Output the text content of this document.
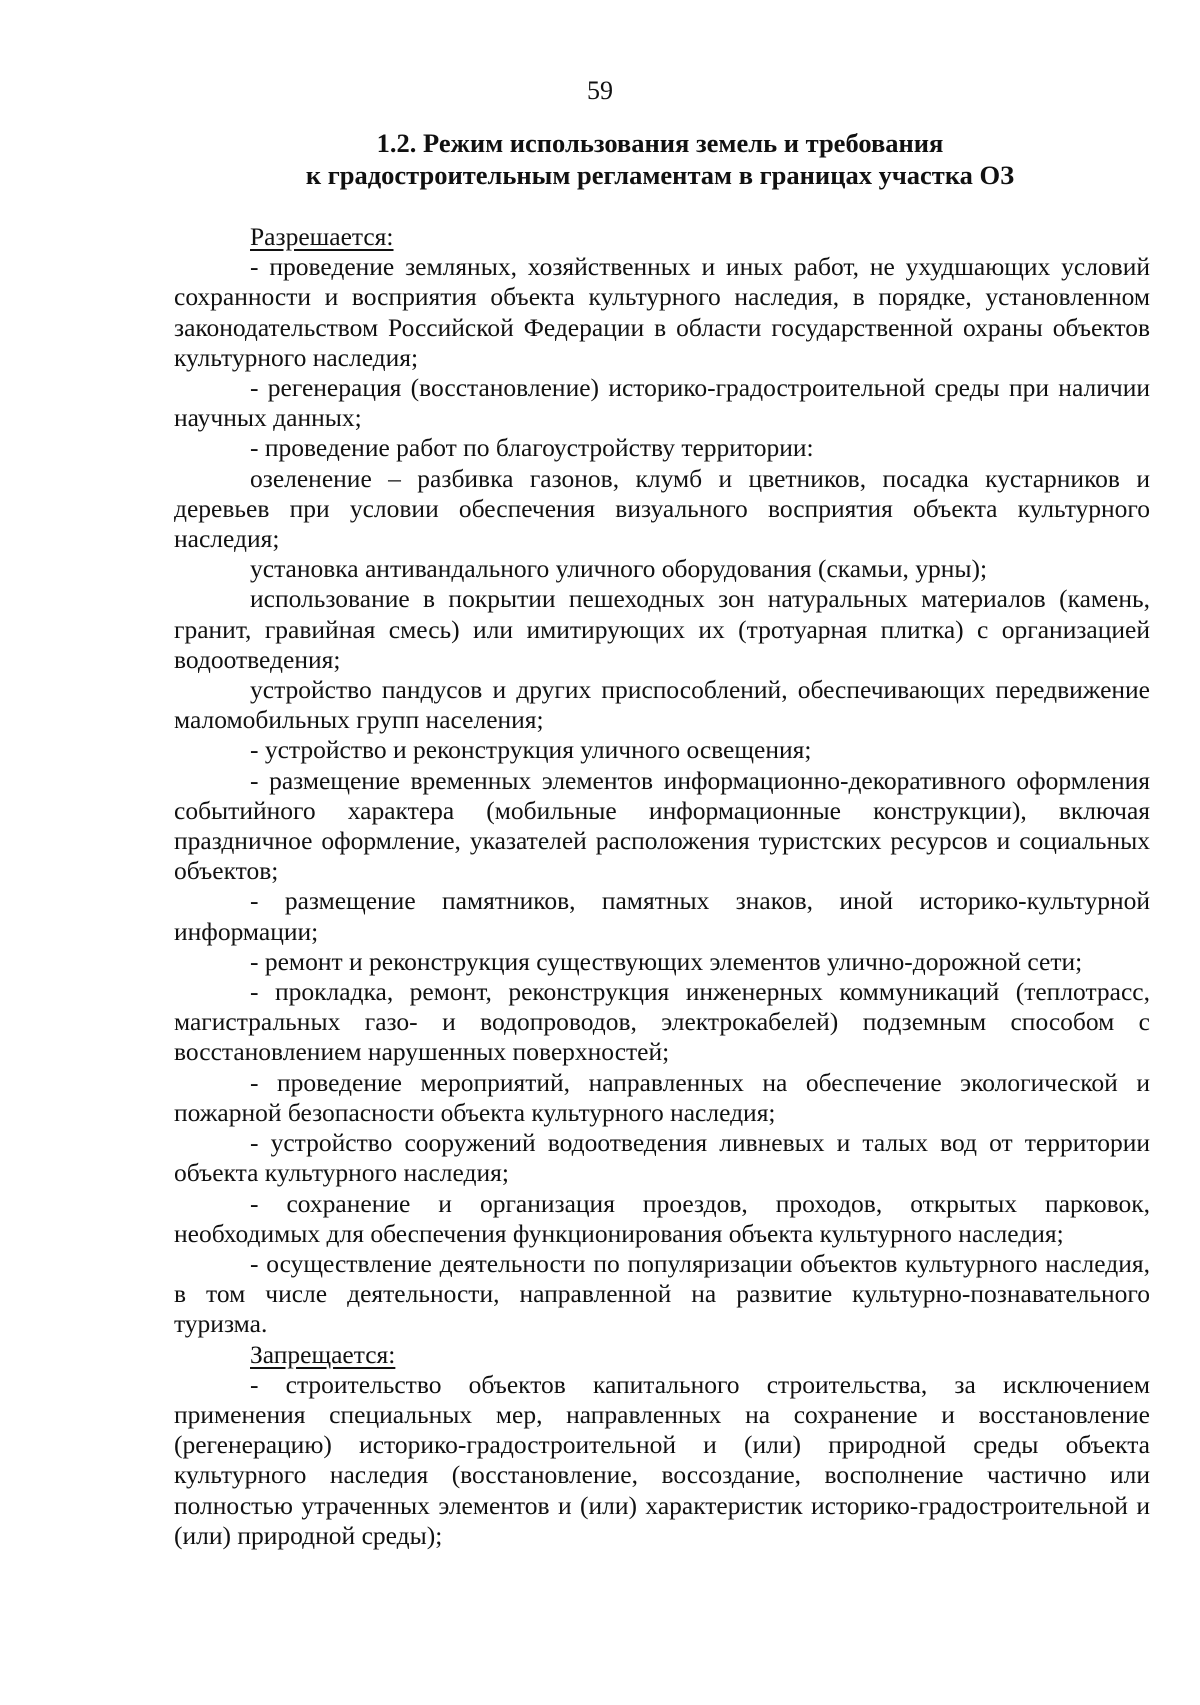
59
1.2. Режим использования земель и требования
к градостроительным регламентам в границах участка ОЗ
Разрешается:

- проведение земляных, хозяйственных и иных работ, не ухудшающих условий сохранности и восприятия объекта культурного наследия, в порядке, установленном законодательством Российской Федерации в области государственной охраны объектов культурного наследия;

- регенерация (восстановление) историко-градостроительной среды при наличии научных данных;

- проведение работ по благоустройству территории:

озеленение – разбивка газонов, клумб и цветников, посадка кустарников и деревьев при условии обеспечения визуального восприятия объекта культурного наследия;

установка антивандального уличного оборудования (скамьи, урны);

использование в покрытии пешеходных зон натуральных материалов (камень, гранит, гравийная смесь) или имитирующих их (тротуарная плитка) с организацией водоотведения;

устройство пандусов и других приспособлений, обеспечивающих передвижение маломобильных групп населения;

- устройство и реконструкция уличного освещения;

- размещение временных элементов информационно-декоративного оформления событийного характера (мобильные информационные конструкции), включая праздничное оформление, указателей расположения туристских ресурсов и социальных объектов;

- размещение памятников, памятных знаков, иной историко-культурной информации;

- ремонт и реконструкция существующих элементов улично-дорожной сети;

- прокладка, ремонт, реконструкция инженерных коммуникаций (теплотрасс, магистральных газо- и водопроводов, электрокабелей) подземным способом с восстановлением нарушенных поверхностей;

- проведение мероприятий, направленных на обеспечение экологической и пожарной безопасности объекта культурного наследия;

- устройство сооружений водоотведения ливневых и талых вод от территории объекта культурного наследия;

- сохранение и организация проездов, проходов, открытых парковок, необходимых для обеспечения функционирования объекта культурного наследия;

- осуществление деятельности по популяризации объектов культурного наследия, в том числе деятельности, направленной на развитие культурно-познавательного туризма.

Запрещается:

- строительство объектов капитального строительства, за исключением применения специальных мер, направленных на сохранение и восстановление (регенерацию) историко-градостроительной и (или) природной среды объекта культурного наследия (восстановление, воссоздание, восполнение частично или полностью утраченных элементов и (или) характеристик историко-градостроительной и (или) природной среды);
